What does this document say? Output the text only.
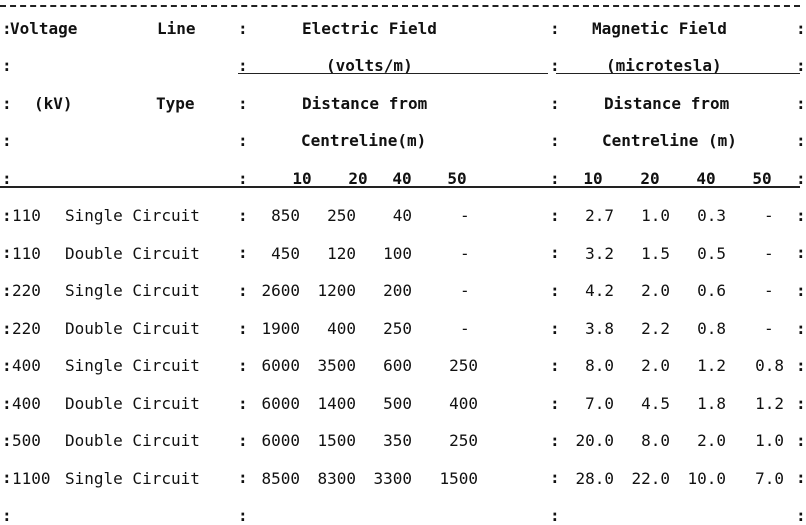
:
:
:
:
:
:
:
:
:
:
:
:
:
:
:
:
:
:
:
:
:
:
:
:
:
:
:
:
:
:
:
:
:
:
:
:
:
:
:
:
:
:
:
:
:
:
:
:
:
:
:
:
:
:
:
:
Voltage	Line	Electric Field	Magnetic Field
(volts/m)	(microtesla)
(kV)	Type	Distance from	Distance from
Centreline(m)	Centreline (m)
10	20	40	50	10	20	40	50
110 Single Circuit	850	250	40	-	2.7	1.0	0.3 -
110 Double Circuit	450	120	100	-	3.2	1.5	0.5 -
220 Single Circuit	2600	1200	200	-	4.2	2.0	0.6 -
220 Double Circuit	1900	400	250	-	3.8	2.2	0.8 -
400 Single Circuit	6000	3500	600	250	8.0	2.0	1.2	0.8
400 Double Circuit	6000	1400	500	400	7.0	4.5	1.8	1.2
500 Double Circuit	6000	1500	350	250	20.0	8.0	2.0	1.0
1100 Single Circuit	8500	8300	3300	1500	28.0	22.0	10.0	7.0
